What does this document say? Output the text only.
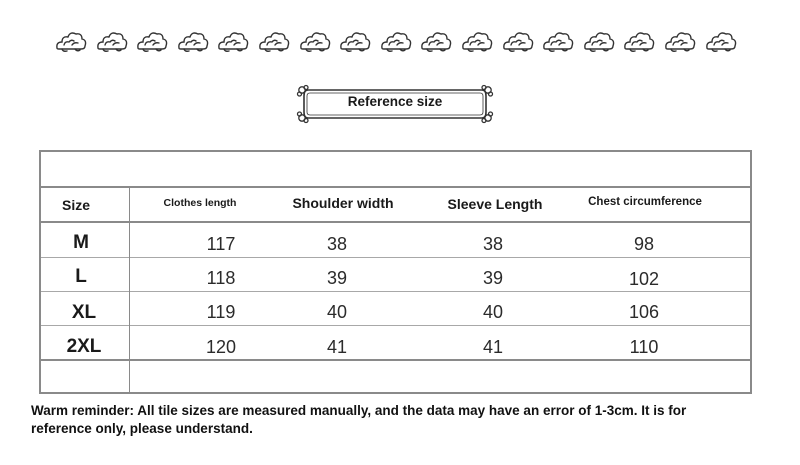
Reference size
Size	Clothes length	Shoulder width	Sleeve Length	Chest circumference
M	117	38	38	98
L	118	39	39	102
XL	119	40	40	106
2XL	120	41	41	110
Warm reminder: All tile sizes are measured manually, and the data may have an error of 1-3cm. It is for reference only, please understand.
